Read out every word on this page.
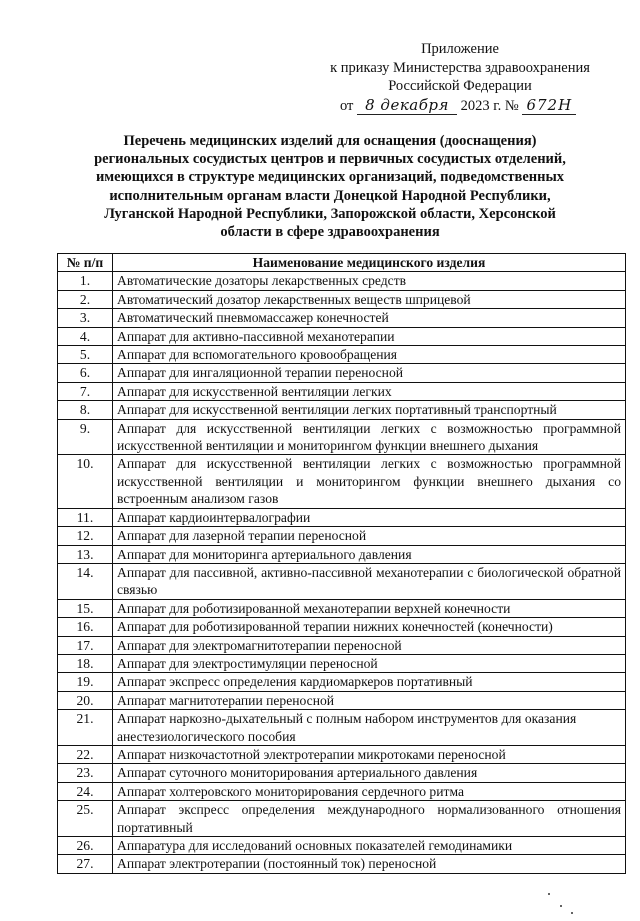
Приложение
к приказу Министерства здравоохранения
Российской Федерации
от 8 декабря 2023 г. № 672Н
Перечень медицинских изделий для оснащения (дооснащения)
региональных сосудистых центров и первичных сосудистых отделений,
имеющихся в структуре медицинских организаций, подведомственных
исполнительным органам власти Донецкой Народной Республики,
Луганской Народной Республики, Запорожской области, Херсонской
области в сфере здравоохранения
№ п/п	Наименование медицинского изделия
1.	Автоматические дозаторы лекарственных средств
2.	Автоматический дозатор лекарственных веществ шприцевой
3.	Автоматический пневмомассажер конечностей
4.	Аппарат для активно-пассивной механотерапии
5.	Аппарат для вспомогательного кровообращения
6.	Аппарат для ингаляционной терапии переносной
7.	Аппарат для искусственной вентиляции легких
8.	Аппарат для искусственной вентиляции легких портативный транспортный
9.	Аппарат для искусственной вентиляции легких с возможностью программной искусственной вентиляции и мониторингом функции внешнего дыхания
10.	Аппарат для искусственной вентиляции легких с возможностью программной искусственной вентиляции и мониторингом функции внешнего дыхания со встроенным анализом газов
11.	Аппарат кардиоинтервалографии
12.	Аппарат для лазерной терапии переносной
13.	Аппарат для мониторинга артериального давления
14.	Аппарат для пассивной, активно-пассивной механотерапии с биологической обратной связью
15.	Аппарат для роботизированной механотерапии верхней конечности
16.	Аппарат для роботизированной терапии нижних конечностей (конечности)
17.	Аппарат для электромагнитотерапии переносной
18.	Аппарат для электростимуляции переносной
19.	Аппарат экспресс определения кардиомаркеров портативный
20.	Аппарат магнитотерапии переносной
21.	Аппарат наркозно-дыхательный с полным набором инструментов для оказания анестезиологического пособия
22.	Аппарат низкочастотной электротерапии микротоками переносной
23.	Аппарат суточного мониторирования артериального давления
24.	Аппарат холтеровского мониторирования сердечного ритма
25.	Аппарат экспресс определения международного нормализованного отношения портативный
26.	Аппаратура для исследований основных показателей гемодинамики
27.	Аппарат электротерапии (постоянный ток) переносной
